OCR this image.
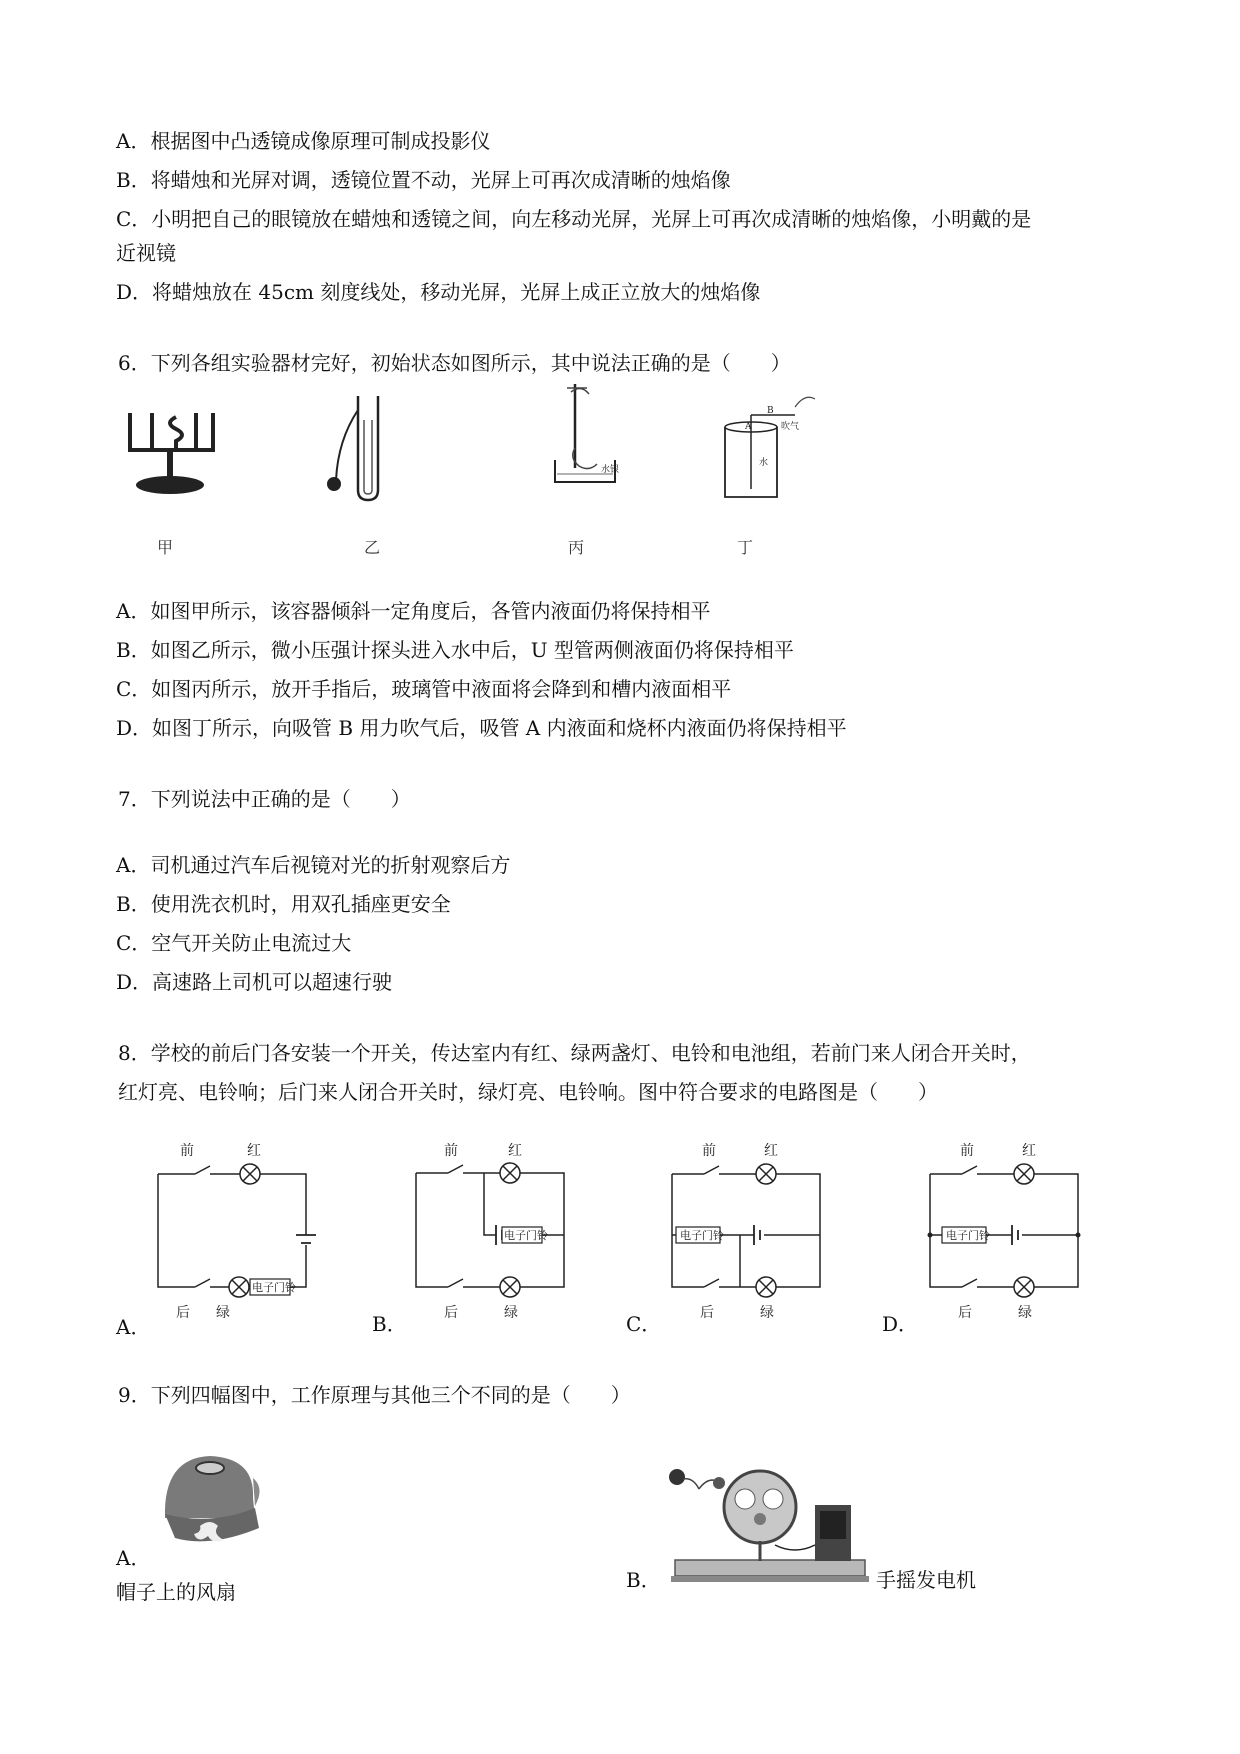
A．根据图中凸透镜成像原理可制成投影仪
B．将蜡烛和光屏对调，透镜位置不动，光屏上可再次成清晰的烛焰像
C．小明把自己的眼镜放在蜡烛和透镜之间，向左移动光屏，光屏上可再次成清晰的烛焰像，小明戴的是
近视镜
D．将蜡烛放在 45cm 刻度线处，移动光屏，光屏上成正立放大的烛焰像
6．下列各组实验器材完好，初始状态如图所示，其中说法正确的是（　　）
水银
B
A	吹气
水
甲	乙	丙	丁
A．如图甲所示，该容器倾斜一定角度后，各管内液面仍将保持相平
B．如图乙所示，微小压强计探头进入水中后，U 型管两侧液面仍将保持相平
C．如图丙所示，放开手指后，玻璃管中液面将会降到和槽内液面相平
D．如图丁所示，向吸管 B 用力吹气后，吸管 A 内液面和烧杯内液面仍将保持相平
7．下列说法中正确的是（　　）
A．司机通过汽车后视镜对光的折射观察后方
B．使用洗衣机时，用双孔插座更安全
C．空气开关防止电流过大
D．高速路上司机可以超速行驶
8．学校的前后门各安装一个开关，传达室内有红、绿两盏灯、电铃和电池组，若前门来人闭合开关时，
红灯亮、电铃响；后门来人闭合开关时，绿灯亮、电铃响。图中符合要求的电路图是（　　）
前	红
电子门铃
后 绿
前	红
电子门铃
后	绿
前	红
电子门铃
后	绿
前	红
电子门铃
后	绿
A．	B．	C．	D．
9．下列四幅图中，工作原理与其他三个不同的是（　　）
A．
帽子上的风扇	B．	手摇发电机
